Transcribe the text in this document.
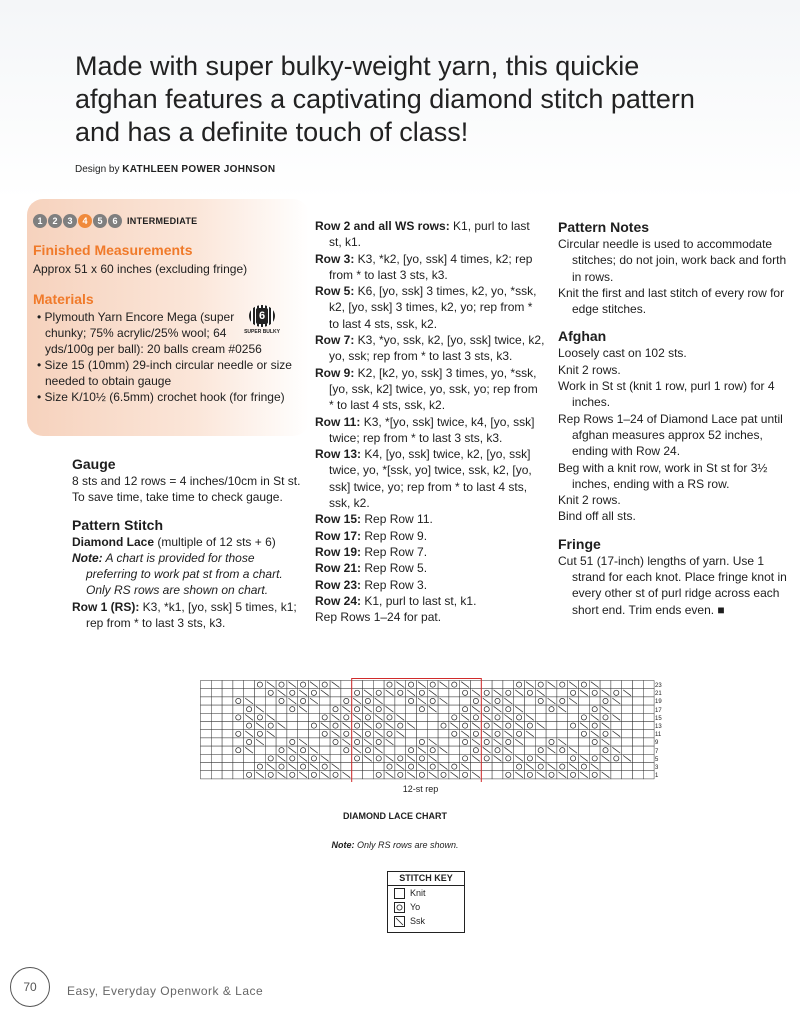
Made with super bulky-weight yarn, this quickie afghan features a captivating diamond stitch pattern and has a definite touch of class!
Design by KATHLEEN POWER JOHNSON
1	2	3	4	5	6	INTERMEDIATE
Finished Measurements
Approx 51 x 60 inches (excluding fringe)
Materials
• Plymouth Yarn Encore Mega (super chunky; 75% acrylic/25% wool; 64 yds/100g per ball): 20 balls cream #0256
• Size 15 (10mm) 29-inch circular needle or size needed to obtain gauge
• Size K/10½ (6.5mm) crochet hook (for fringe)
6
SUPER BULKY
Gauge

8 sts and 12 rows = 4 inches/10cm in St st.

To save time, take time to check gauge.

Pattern Stitch

Diamond Lace (multiple of 12 sts + 6)

Note: A chart is provided for those preferring to work pat st from a chart. Only RS rows are shown on chart.

Row 1 (RS): K3, *k1, [yo, ssk] 5 times, k1; rep from * to last 3 sts, k3.

Row 2 and all WS rows: K1, purl to last st, k1.

Row 3: K3, *k2, [yo, ssk] 4 times, k2; rep from * to last 3 sts, k3.

Row 5: K6, [yo, ssk] 3 times, k2, yo, *ssk, k2, [yo, ssk] 3 times, k2, yo; rep from * to last 4 sts, ssk, k2.

Row 7: K3, *yo, ssk, k2, [yo, ssk] twice, k2, yo, ssk; rep from * to last 3 sts, k3.

Row 9: K2, [k2, yo, ssk] 3 times, yo, *ssk, [yo, ssk, k2] twice, yo, ssk, yo; rep from * to last 4 sts, ssk, k2.

Row 11: K3, *[yo, ssk] twice, k4, [yo, ssk] twice; rep from * to last 3 sts, k3.

Row 13: K4, [yo, ssk] twice, k2, [yo, ssk] twice, yo, *[ssk, yo] twice, ssk, k2, [yo, ssk] twice, yo; rep from * to last 4 sts, ssk, k2.

Row 15: Rep Row 11.

Row 17: Rep Row 9.

Row 19: Rep Row 7.

Row 21: Rep Row 5.

Row 23: Rep Row 3.

Row 24: K1, purl to last st, k1.

Rep Rows 1–24 for pat.

Pattern Notes

Circular needle is used to accommodate stitches; do not join, work back and forth in rows.

Knit the first and last stitch of every row for edge stitches.

Afghan

Loosely cast on 102 sts.

Knit 2 rows.

Work in St st (knit 1 row, purl 1 row) for 4 inches.

Rep Rows 1–24 of Diamond Lace pat until afghan measures approx 52 inches, ending with Row 24.

Beg with a knit row, work in St st for 3½ inches, ending with a RS row.

Knit 2 rows.

Bind off all sts.

Fringe

Cut 51 (17-inch) lengths of yarn. Use 1 strand for each knot. Place fringe knot in every other st of purl ridge across each short end. Trim ends even. ■

23
21
19
17
15
13
11
9
7
5
3
1
12-st rep
DIAMOND LACE CHART
Note: Only RS rows are shown.
STITCH KEY
Knit
Yo
Ssk
70	Easy, Everyday Openwork & Lace
